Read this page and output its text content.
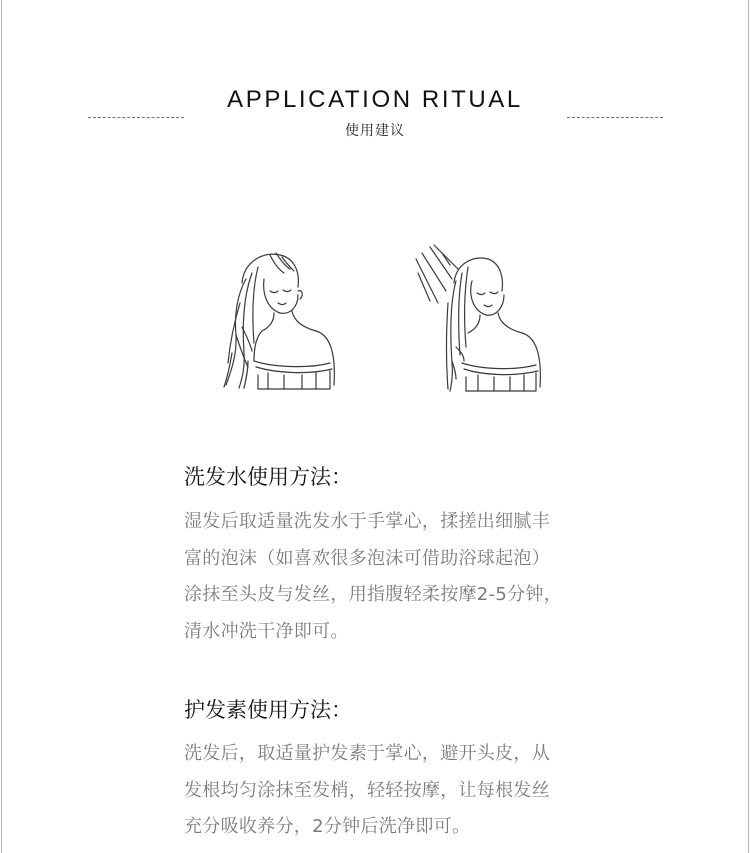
APPLICATION RITUAL
使用建议
洗发水使用方法：
湿发后取适量洗发水于手掌心，揉搓出细腻丰
富的泡沫（如喜欢很多泡沫可借助浴球起泡）
涂抹至头皮与发丝，用指腹轻柔按摩2-5分钟，
清水冲洗干净即可。
护发素使用方法：
洗发后，取适量护发素于掌心，避开头皮，从
发根均匀涂抹至发梢，轻轻按摩，让每根发丝
充分吸收养分，2分钟后洗净即可。
